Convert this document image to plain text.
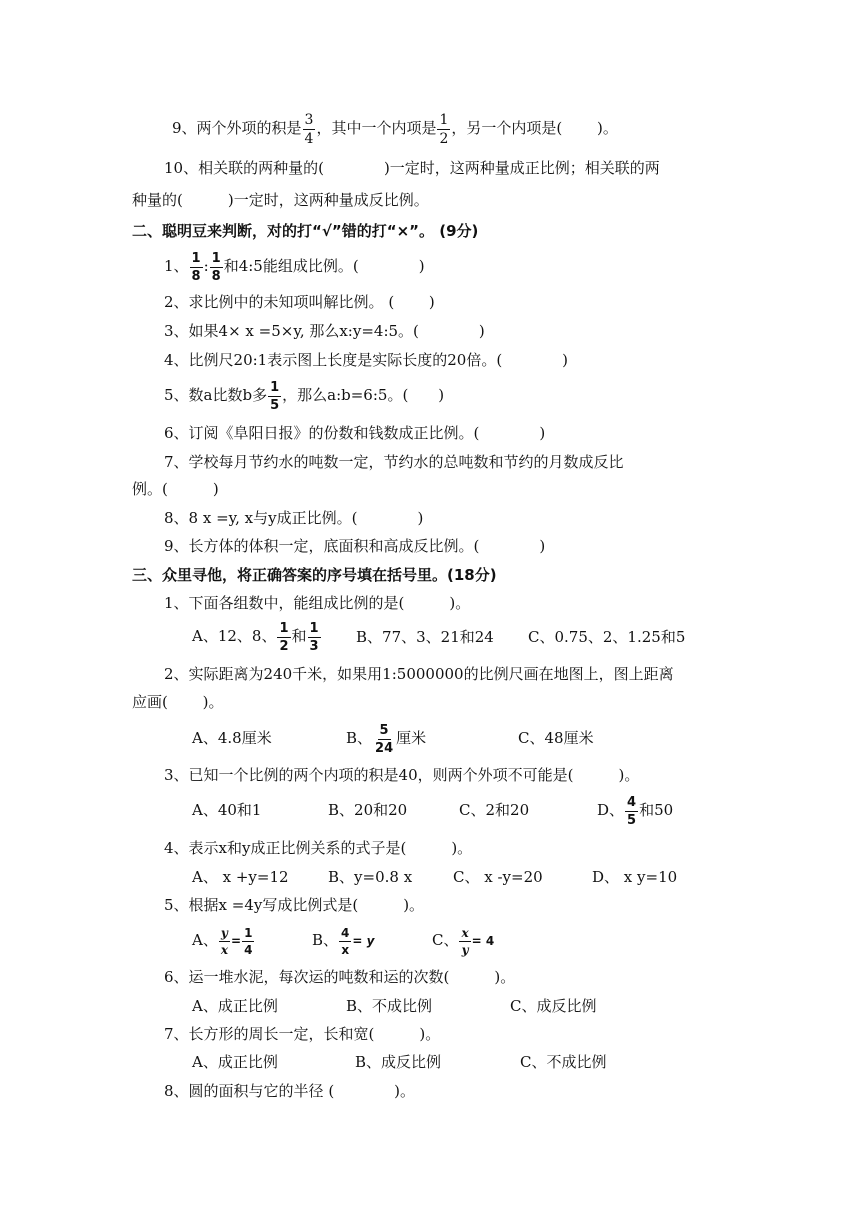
9、两个外项的积是 $\frac{3}{4}$ ，其中一个内项是 $\frac{1}{2}$ ，另一个内项是(　　 )。
10、相关联的两种量的(　　　　)一定时，这两种量成正比例；相关联的两
种量的(　　　)一定时，这两种量成反比例。
二、聪明豆来判断，对的打“√”错的打“×”。 (9分)
1、 $\frac{1}{8}$ : $\frac{1}{8}$ 和4:5能组成比例。(　　　　)
2、求比例中的未知项叫解比例。 (　　 )
3、如果4× x =5×y, 那么x:y=4:5。(　　　　)
4、比例尺20:1表示图上长度是实际长度的20倍。(　　　　)
5、数a比数b多 $\frac{1}{5}$ ，那么a:b=6:5。(　　)
6、订阅《阜阳日报》的份数和钱数成正比例。(　　　　)
7、学校每月节约水的吨数一定，节约水的总吨数和节约的月数成反比
例。(　　　)
8、8 x =y, x与y成正比例。(　　　　)
9、长方体的体积一定，底面积和高成反比例。(　　　　)
三、众里寻他，将正确答案的序号填在括号里。(18分)
1、下面各组数中，能组成比例的是(　　　)。
A、12、8、 $\frac{1}{2}$ 和 $\frac{1}{3}$ B、77、3、21和24 C、0.75、2、1.25和5
2、实际距离为240千米，如果用1:5000000的比例尺画在地图上，图上距离
应画(　　 )。
A、4.8厘米	B、 $\frac{5}{24}$ 厘米	C、48厘米
3、已知一个比例的两个内项的积是40，则两个外项不可能是(　　　)。
A、40和1	B、20和20	C、2和20	D、 $\frac{4}{5}$ 和50
4、表示x和y成正比例关系的式子是(　　　)。
A、 x +y=12	B、y=0.8 x	C、 x -y=20	D、 x y=10
5、根据x =4y写成比例式是(　　　)。
A、 $\frac{y}{x} = \frac{1}{4}$	B、 $\frac{4}{x} = y$	C、 $\frac{x}{y} = 4$
6、运一堆水泥，每次运的吨数和运的次数(　　　)。
A、成正比例	B、不成比例	C、成反比例
7、长方形的周长一定，长和宽(　　　)。
A、成正比例	B、成反比例	C、不成比例
8、圆的面积与它的半径 (　　　　)。
